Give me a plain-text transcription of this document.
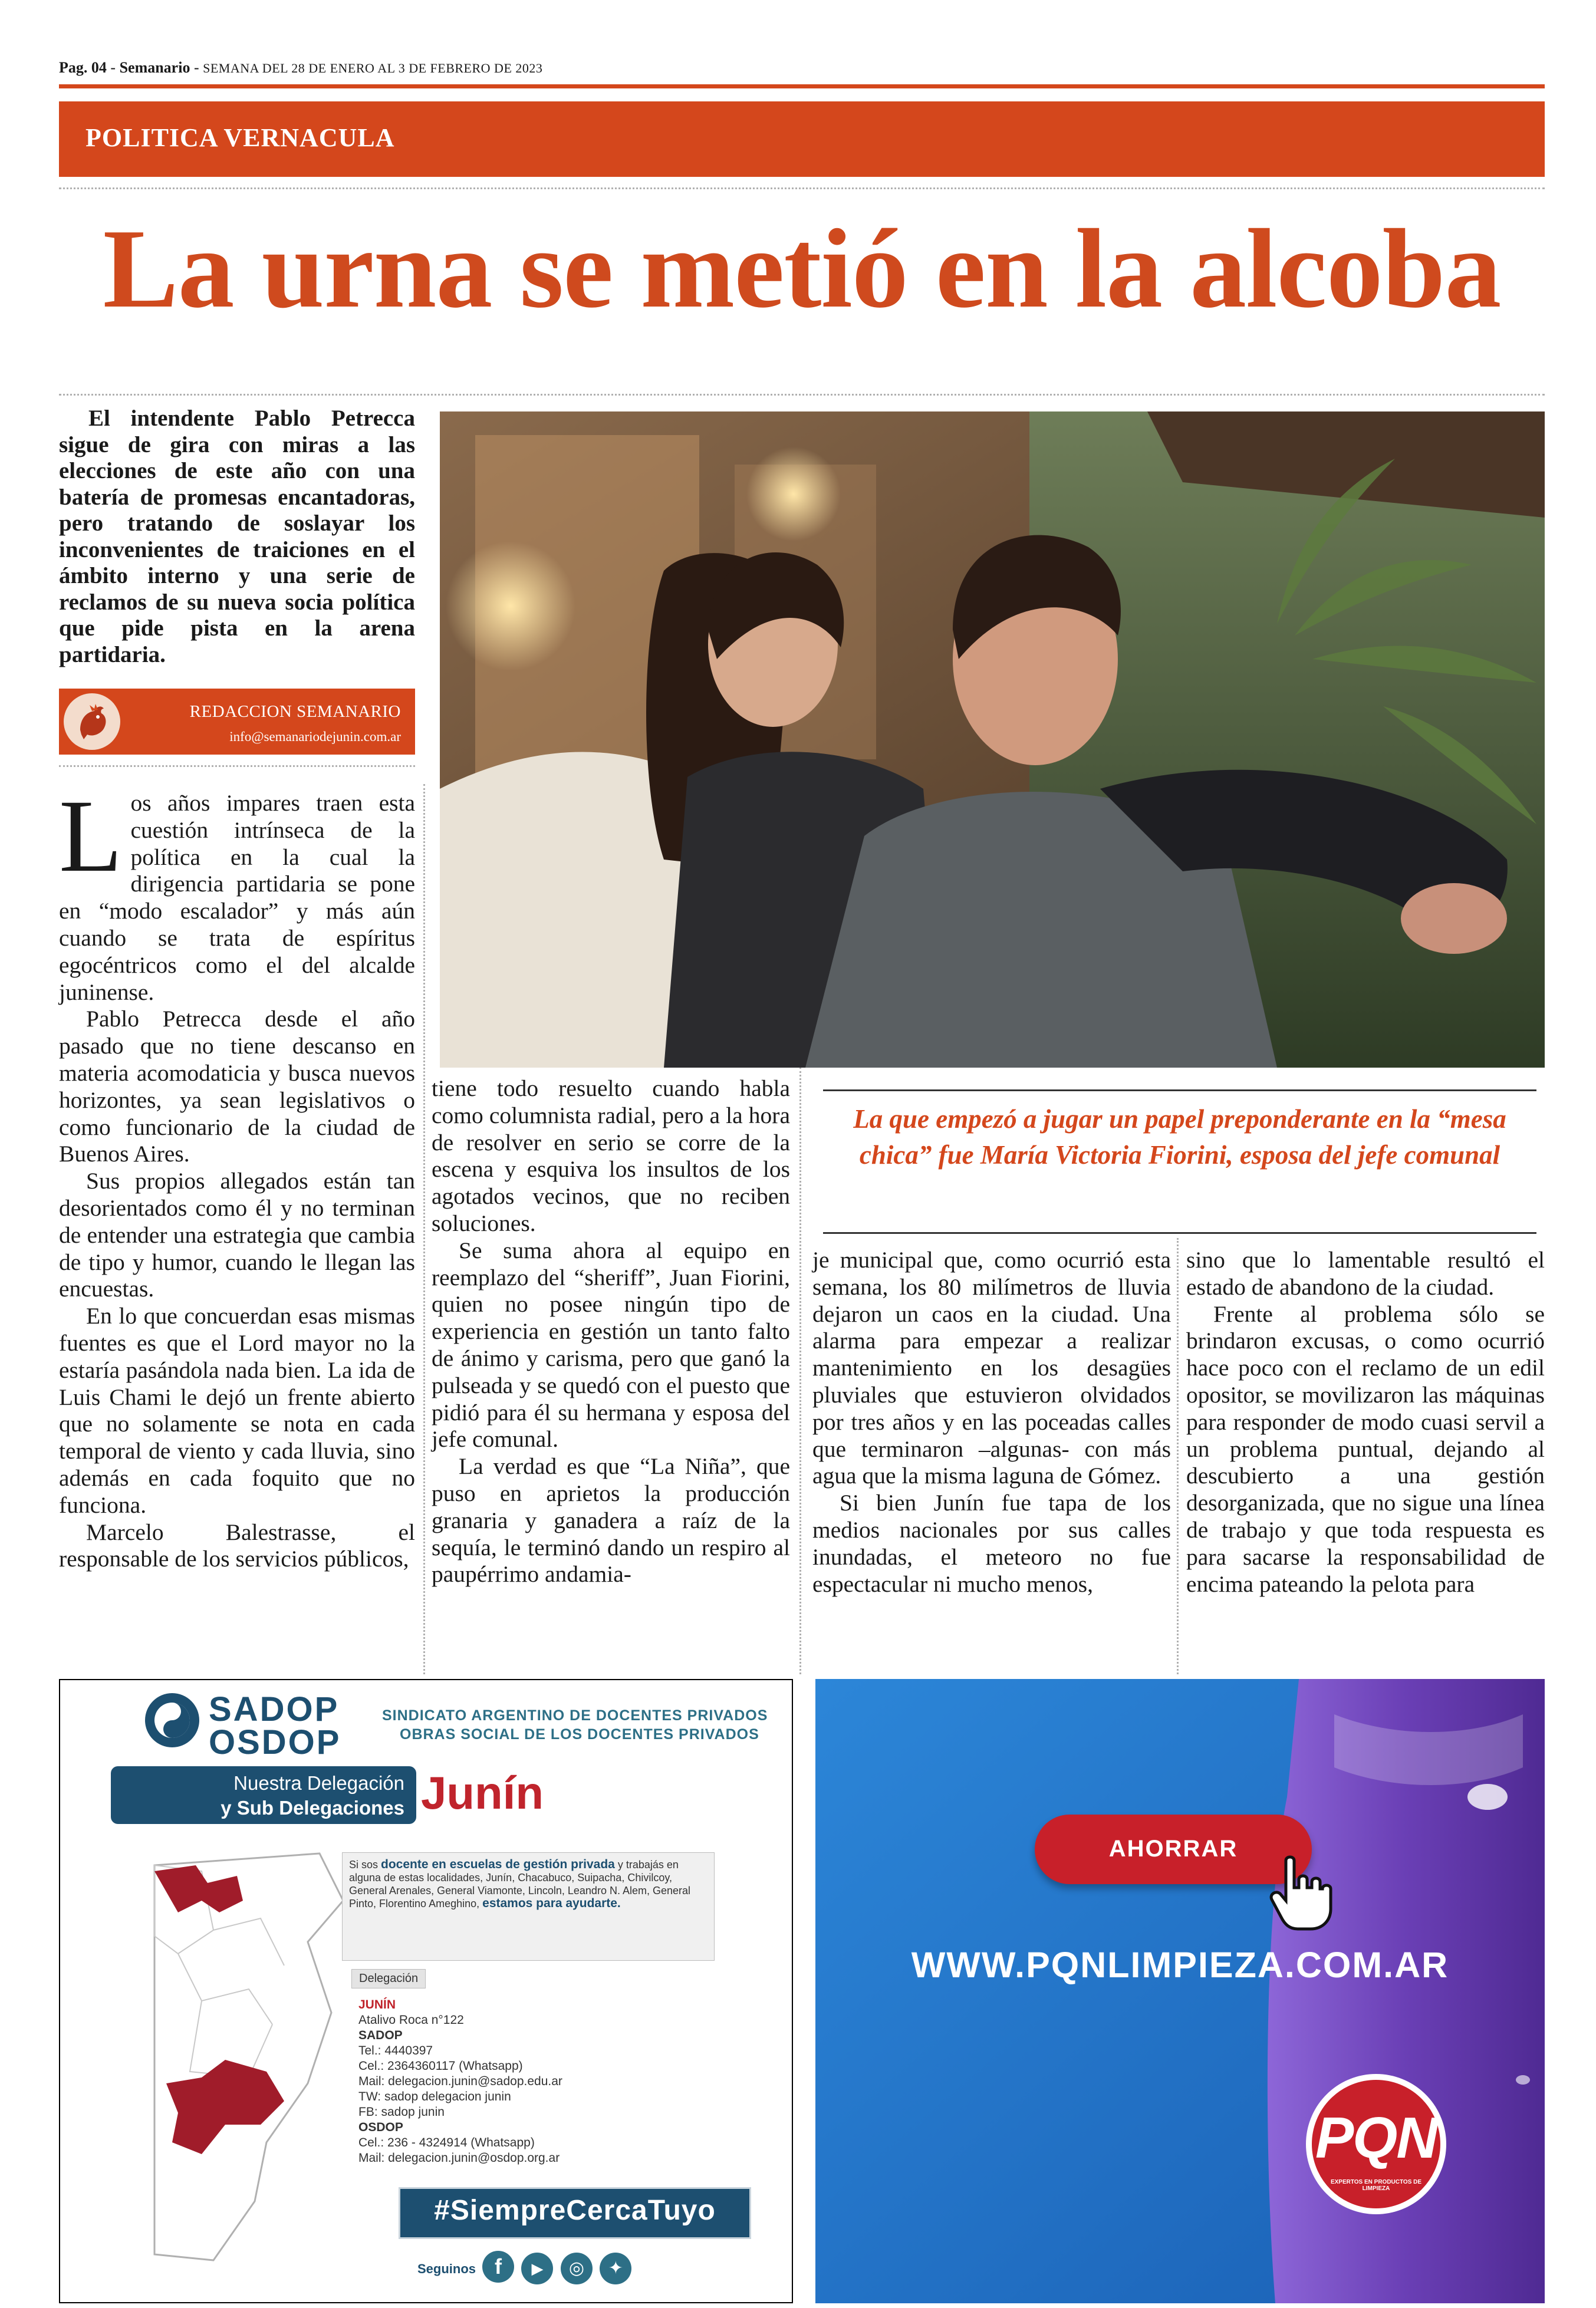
Pag. 04 - Semanario - SEMANA DEL 28 DE ENERO AL 3 DE FEBRERO DE 2023
POLITICA VERNACULA
La urna se metió en la alcoba
El intendente Pablo Petrecca sigue de gira con miras a las elecciones de este año con una batería de promesas encantadoras, pero tratando de soslayar los inconvenientes de traiciones en el ámbito interno y una serie de reclamos de su nueva socia política que pide pista en la arena partidaria.
REDACCION SEMANARIO
info@semanariodejunin.com.ar

Los años impares traen esta cuestión intrínseca de la política en la cual la dirigencia partidaria se pone en “modo escalador” y más aún cuando se trata de espíritus egocéntricos como el del alcalde juninense.

Pablo Petrecca desde el año pasado que no tiene descanso en materia acomodaticia y busca nuevos horizontes, ya sean legislativos o como funcionario de la ciudad de Buenos Aires.

Sus propios allegados están tan desorientados como él y no terminan de entender una estrategia que cambia de tipo y humor, cuando le llegan las encuestas.

En lo que concuerdan esas mismas fuentes es que el Lord mayor no la estaría pasándola nada bien. La ida de Luis Chami le dejó un frente abierto que no solamente se nota en cada temporal de viento y cada lluvia, sino además en cada foquito que no funciona.

Marcelo Balestrasse, el responsable de los servicios públicos,

tiene todo resuelto cuando habla como columnista radial, pero a la hora de resolver en serio se corre de la escena y esquiva los insultos de los agotados vecinos, que no reciben soluciones.

Se suma ahora al equipo en reemplazo del “sheriff”, Juan Fiorini, quien no posee ningún tipo de experiencia en gestión un tanto falto de ánimo y carisma, pero que ganó la pulseada y se quedó con el puesto que pidió para él su hermana y esposa del jefe comunal.

La verdad es que “La Niña”, que puso en aprietos la producción granaria y ganadera a raíz de la sequía, le terminó dando un respiro al paupérrimo andamia-

je municipal que, como ocurrió esta semana, los 80 milímetros de lluvia dejaron un caos en la ciudad. Una alarma para empezar a realizar mantenimiento en los desagües pluviales que estuvieron olvidados por tres años y en las poceadas calles que terminaron –algunas- con más agua que la misma laguna de Gómez.

Si bien Junín fue tapa de los medios nacionales por sus calles inundadas, el meteoro no fue espectacular ni mucho menos,

sino que lo lamentable resultó el estado de abandono de la ciudad.

Frente al problema sólo se brindaron excusas, o como ocurrió hace poco con el reclamo de un edil opositor, se movilizaron las máquinas para responder de modo cuasi servil a un problema puntual, dejando al descubierto a una gestión desorganizada, que no sigue una línea de trabajo y que toda respuesta es para sacarse la responsabilidad de encima pateando la pelota para

La que empezó a jugar un papel preponderante en la “mesa chica” fue María Victoria Fiorini, esposa del jefe comunal
SADOP
OSDOP
SINDICATO ARGENTINO DE DOCENTES PRIVADOS
OBRAS SOCIAL DE LOS DOCENTES PRIVADOS
Nuestra Delegación
y Sub Delegaciones Junín
Si sos docente en escuelas de gestión privada y trabajás en alguna de estas localidades, Junín, Chacabuco, Suipacha, Chivilcoy, General Arenales, General Viamonte, Lincoln, Leandro N. Alem, General Pinto, Florentino Ameghino, estamos para ayudarte.
Delegación
JUNÍN
Atalivo Roca n°122
SADOP
Tel.: 4440397
Cel.: 2364360117 (Whatsapp)
Mail: delegacion.junin@sadop.edu.ar
TW: sadop delegacion junin
FB: sadop junin
OSDOP
Cel.: 236 - 4324914 (Whatsapp)
Mail: delegacion.junin@osdop.org.ar
#SiempreCercaTuyo
Seguinos f ▶ ◎ ✦
AHORRAR
WWW.PQNLIMPIEZA.COM.AR
PQN
EXPERTOS EN PRODUCTOS DE LIMPIEZA
